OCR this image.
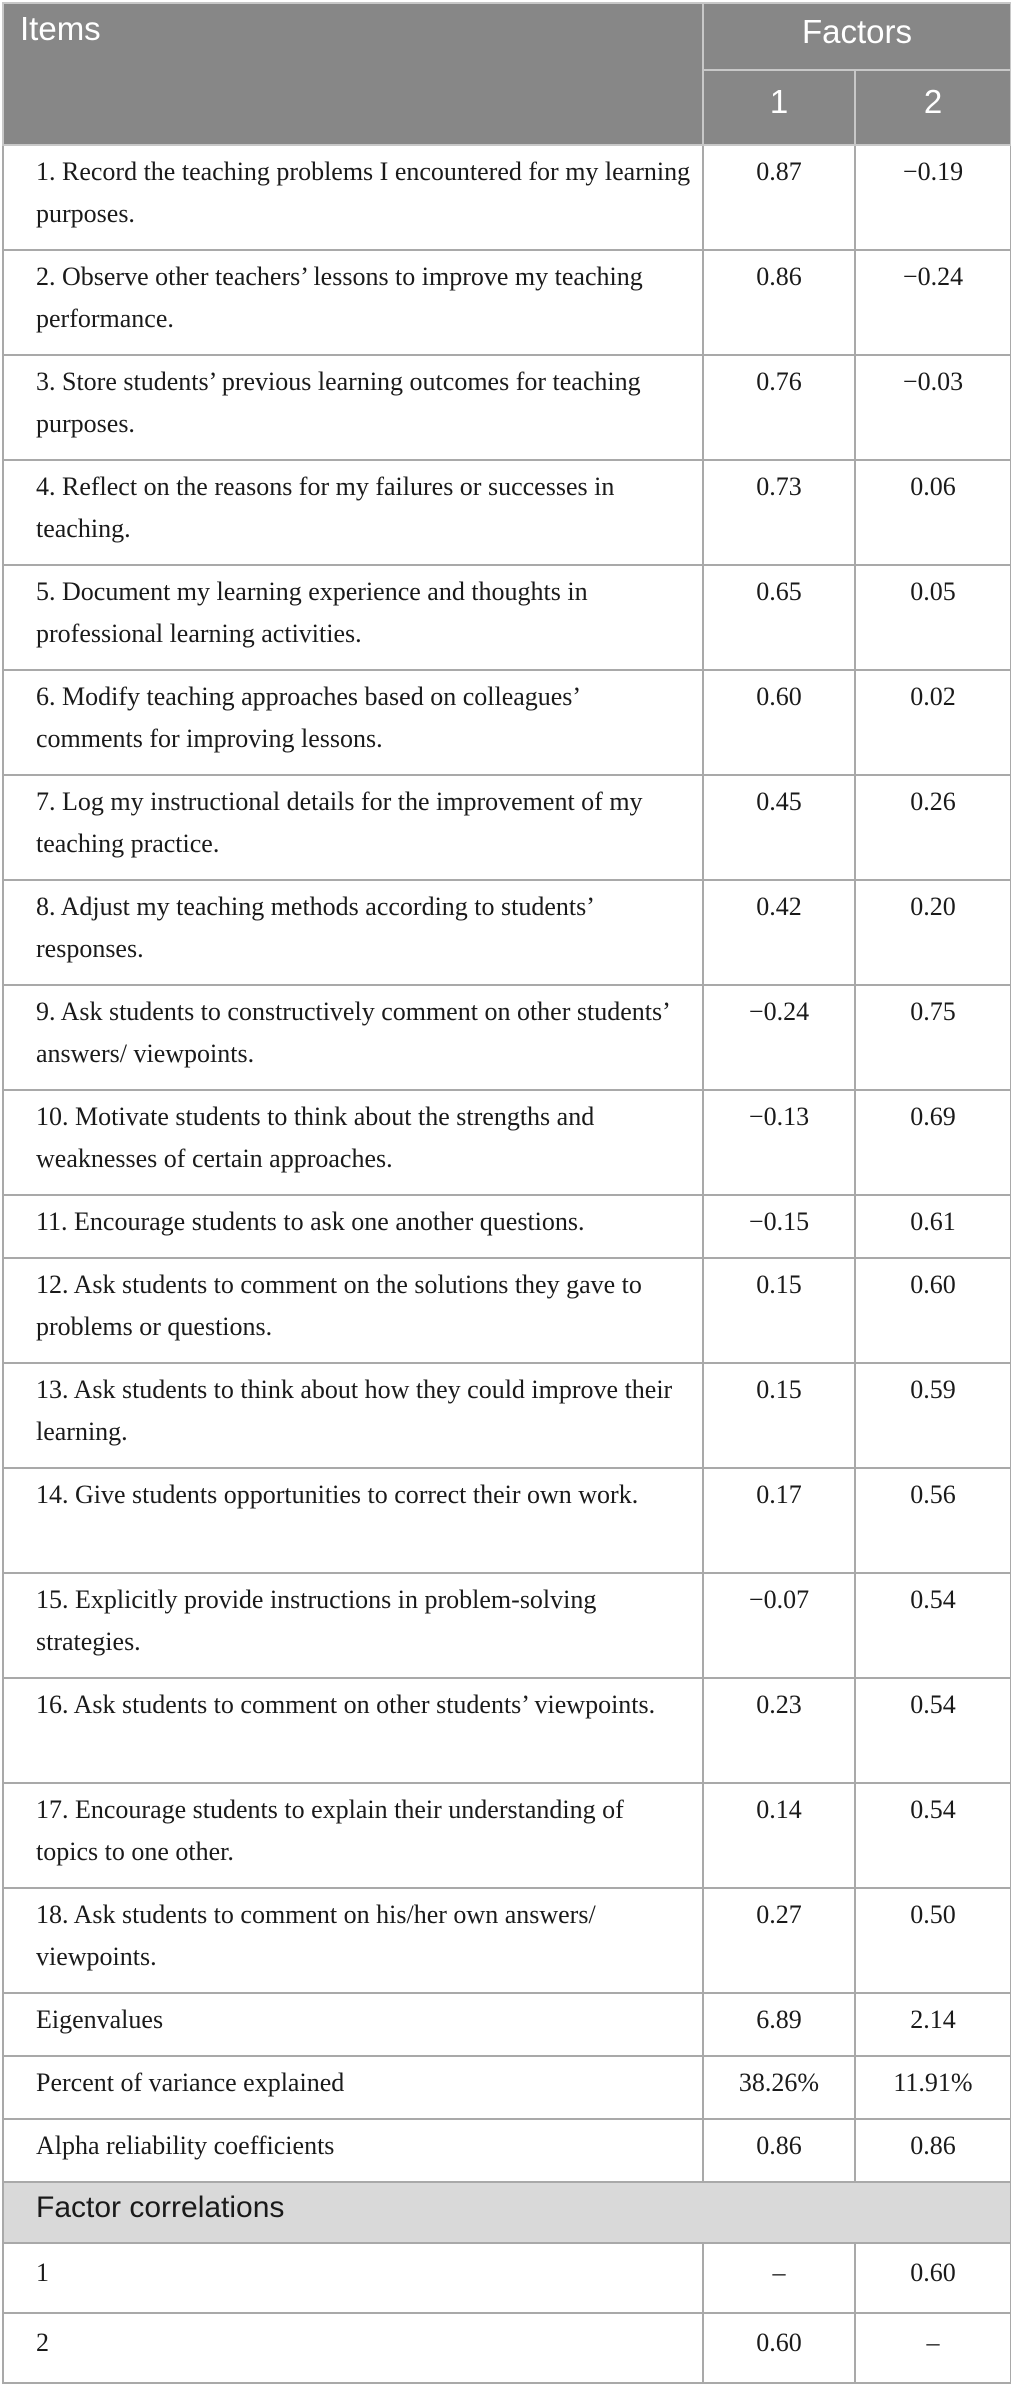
Items	Factors	
	1	2
1. Record the teaching problems I encountered for my learning purposes.	0.87	−0.19
2. Observe other teachers’ lessons to improve my teaching performance.	0.86	−0.24
3. Store students’ previous learning outcomes for teaching purposes.	0.76	−0.03
4. Reflect on the reasons for my failures or successes in teaching.	0.73	0.06
5. Document my learning experience and thoughts in professional learning activities.	0.65	0.05
6. Modify teaching approaches based on colleagues’ comments for improving lessons.	0.60	0.02
7. Log my instructional details for the improvement of my teaching practice.	0.45	0.26
8. Adjust my teaching methods according to students’ responses.	0.42	0.20
9. Ask students to constructively comment on other students’ answers/ viewpoints.	−0.24	0.75
10. Motivate students to think about the strengths and weaknesses of certain approaches.	−0.13	0.69
11. Encourage students to ask one another questions.	−0.15	0.61
12. Ask students to comment on the solutions they gave to problems or questions.	0.15	0.60
13. Ask students to think about how they could improve their learning.	0.15	0.59
14. Give students opportunities to correct their own work.	0.17	0.56
15. Explicitly provide instructions in problem-solving strategies.	−0.07	0.54
16. Ask students to comment on other students’ viewpoints.	0.23	0.54
17. Encourage students to explain their understanding of topics to one other.	0.14	0.54
18. Ask students to comment on his/her own answers/ viewpoints.	0.27	0.50
Eigenvalues	6.89	2.14
Percent of variance explained	38.26%	11.91%
Alpha reliability coefficients	0.86	0.86
Factor correlations		
1	–	0.60
2	0.60	–
